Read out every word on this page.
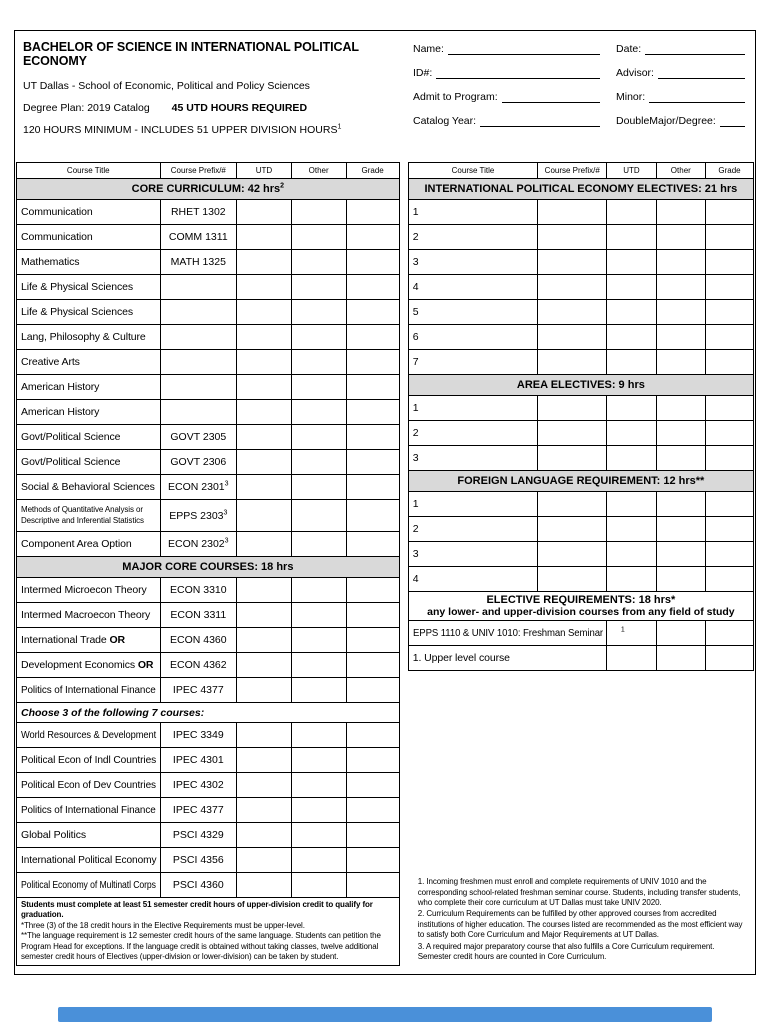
BACHELOR OF SCIENCE IN INTERNATIONAL POLITICAL ECONOMY
UT Dallas - School of Economic, Political and Policy Sciences
Degree Plan: 2019 Catalog 45 UTD HOURS REQUIRED
120 HOURS MINIMUM - INCLUDES 51 UPPER DIVISION HOURS$^1$
Name:	Date:
ID#:	Advisor:
Admit to Program:	Minor:
Catalog Year:	DoubleMajor/Degree:
Course Title	Course Prefix/#	UTD	Other	Grade
CORE CURRICULUM: 42 hrs$^2$
Communication	RHET 1302			
Communication	COMM 1311			
Mathematics	MATH 1325			
Life & Physical Sciences				
Life & Physical Sciences				
Lang, Philosophy & Culture				
Creative Arts				
American History				
American History				
Govt/Political Science	GOVT 2305			
Govt/Political Science	GOVT 2306			
Social & Behavioral Sciences	ECON 2301$^3$			
Methods of Quantitative Analysis or
Descriptive and Inferential Statistics	EPPS 2303$^3$			
Component Area Option	ECON 2302$^3$			
MAJOR CORE COURSES: 18 hrs				
Intermed Microecon Theory	ECON 3310			
Intermed Macroecon Theory	ECON 3311			
International Trade OR	ECON 4360			
Development Economics OR	ECON 4362			
Politics of International Finance	IPEC 4377			
Choose 3 of the following 7 courses:				
World Resources & Development	IPEC 3349			
Political Econ of Indl Countries	IPEC 4301			
Political Econ of Dev Countries	IPEC 4302			
Politics of International Finance	IPEC 4377			
Global Politics	PSCI 4329			
International Political Economy	PSCI 4356			
Political Economy of Multinatl Corps	PSCI 4360			

Students must complete at least 51 semester credit hours of upper-division credit to qualify for graduation.

*Three (3) of the 18 credit hours in the Elective Requirements must be upper-level.

**The language requirement is 12 semester credit hours of the same language. Students can petition the Program Head for exceptions. If the language credit is obtained without taking classes, twelve additional semester credit hours of Electives (upper-division or lower-division) can be taken by student.

Course Title	Course Prefix/#	UTD	Other	Grade
INTERNATIONAL POLITICAL ECONOMY ELECTIVES: 21 hrs				
1				
2				
3				
4				
5				
6				
7				
AREA ELECTIVES: 9 hrs				
1				
2				
3				
FOREIGN LANGUAGE REQUIREMENT: 12 hrs**				
1				
2				
3				
4				
ELECTIVE REQUIREMENTS: 18 hrs*
any lower- and upper-division courses from any field of study				

EPPS 1110 & UNIV 1010: Freshman Seminar $^1$			
1. Upper level course				

1. Incoming freshmen must enroll and complete requirements of UNIV 1010 and the corresponding school-related freshman seminar course. Students, including transfer students, who complete their core curriculum at UT Dallas must take UNIV 2020.

2. Curriculum Requirements can be fulfilled by other approved courses from accredited institutions of higher education. The courses listed are recommended as the most efficient way to satisfy both Core Curriculum and Major Requirements at UT Dallas.

3. A required major preparatory course that also fulfills a Core Curriculum requirement. Semester credit hours are counted in Core Curriculum.
